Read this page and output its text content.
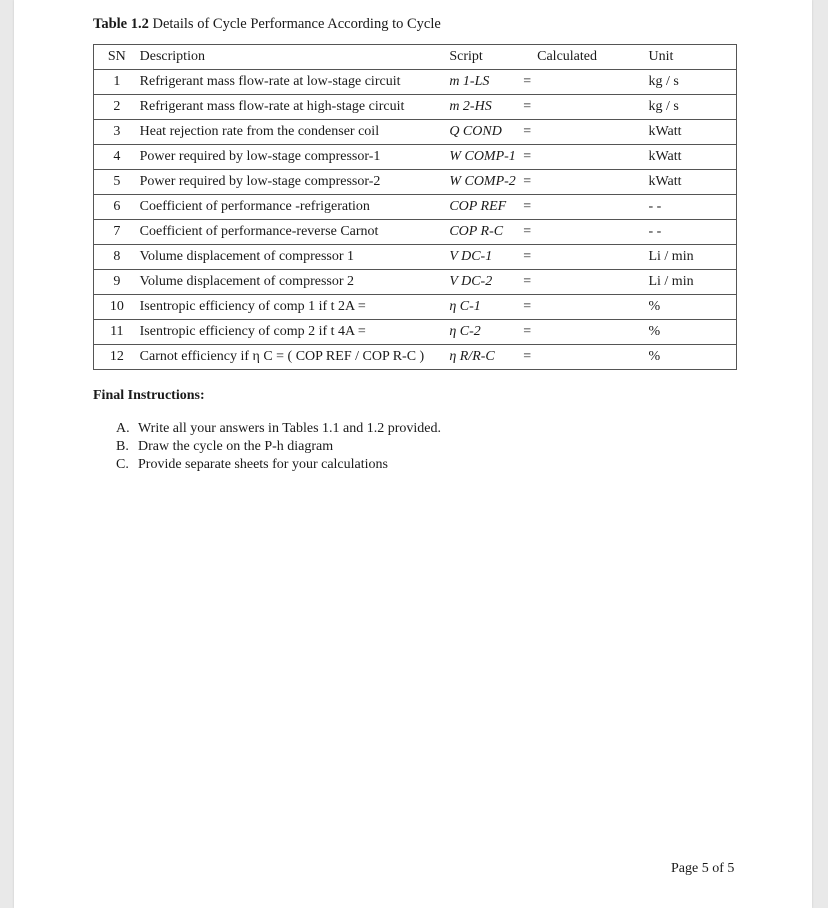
Table 1.2 Details of Cycle Performance According to Cycle
SN	Description	Script		Calculated	Unit
1	Refrigerant mass flow-rate at low-stage circuit	m 1-LS	=		kg / s
2	Refrigerant mass flow-rate at high-stage circuit	m 2-HS	=		kg / s
3	Heat rejection rate from the condenser coil	Q COND	=		kWatt
4	Power required by low-stage compressor-1	W COMP-1	=		kWatt
5	Power required by low-stage compressor-2	W COMP-2	=		kWatt
6	Coefficient of performance -refrigeration	COP REF	=		- -
7	Coefficient of performance-reverse Carnot	COP R-C	=		- -
8	Volume displacement of compressor 1	V DC-1	=		Li / min
9	Volume displacement of compressor 2	V DC-2	=		Li / min
10	Isentropic efficiency of comp 1 if t 2A =	η C-1	=		%
11	Isentropic efficiency of comp 2 if t 4A =	η C-2	=		%
12	Carnot efficiency if η C = ( COP REF / COP R-C )	η R/R-C	=		%
Final Instructions:
A. Write all your answers in Tables 1.1 and 1.2 provided.
B. Draw the cycle on the P-h diagram
C. Provide separate sheets for your calculations
Page 5 of 5
